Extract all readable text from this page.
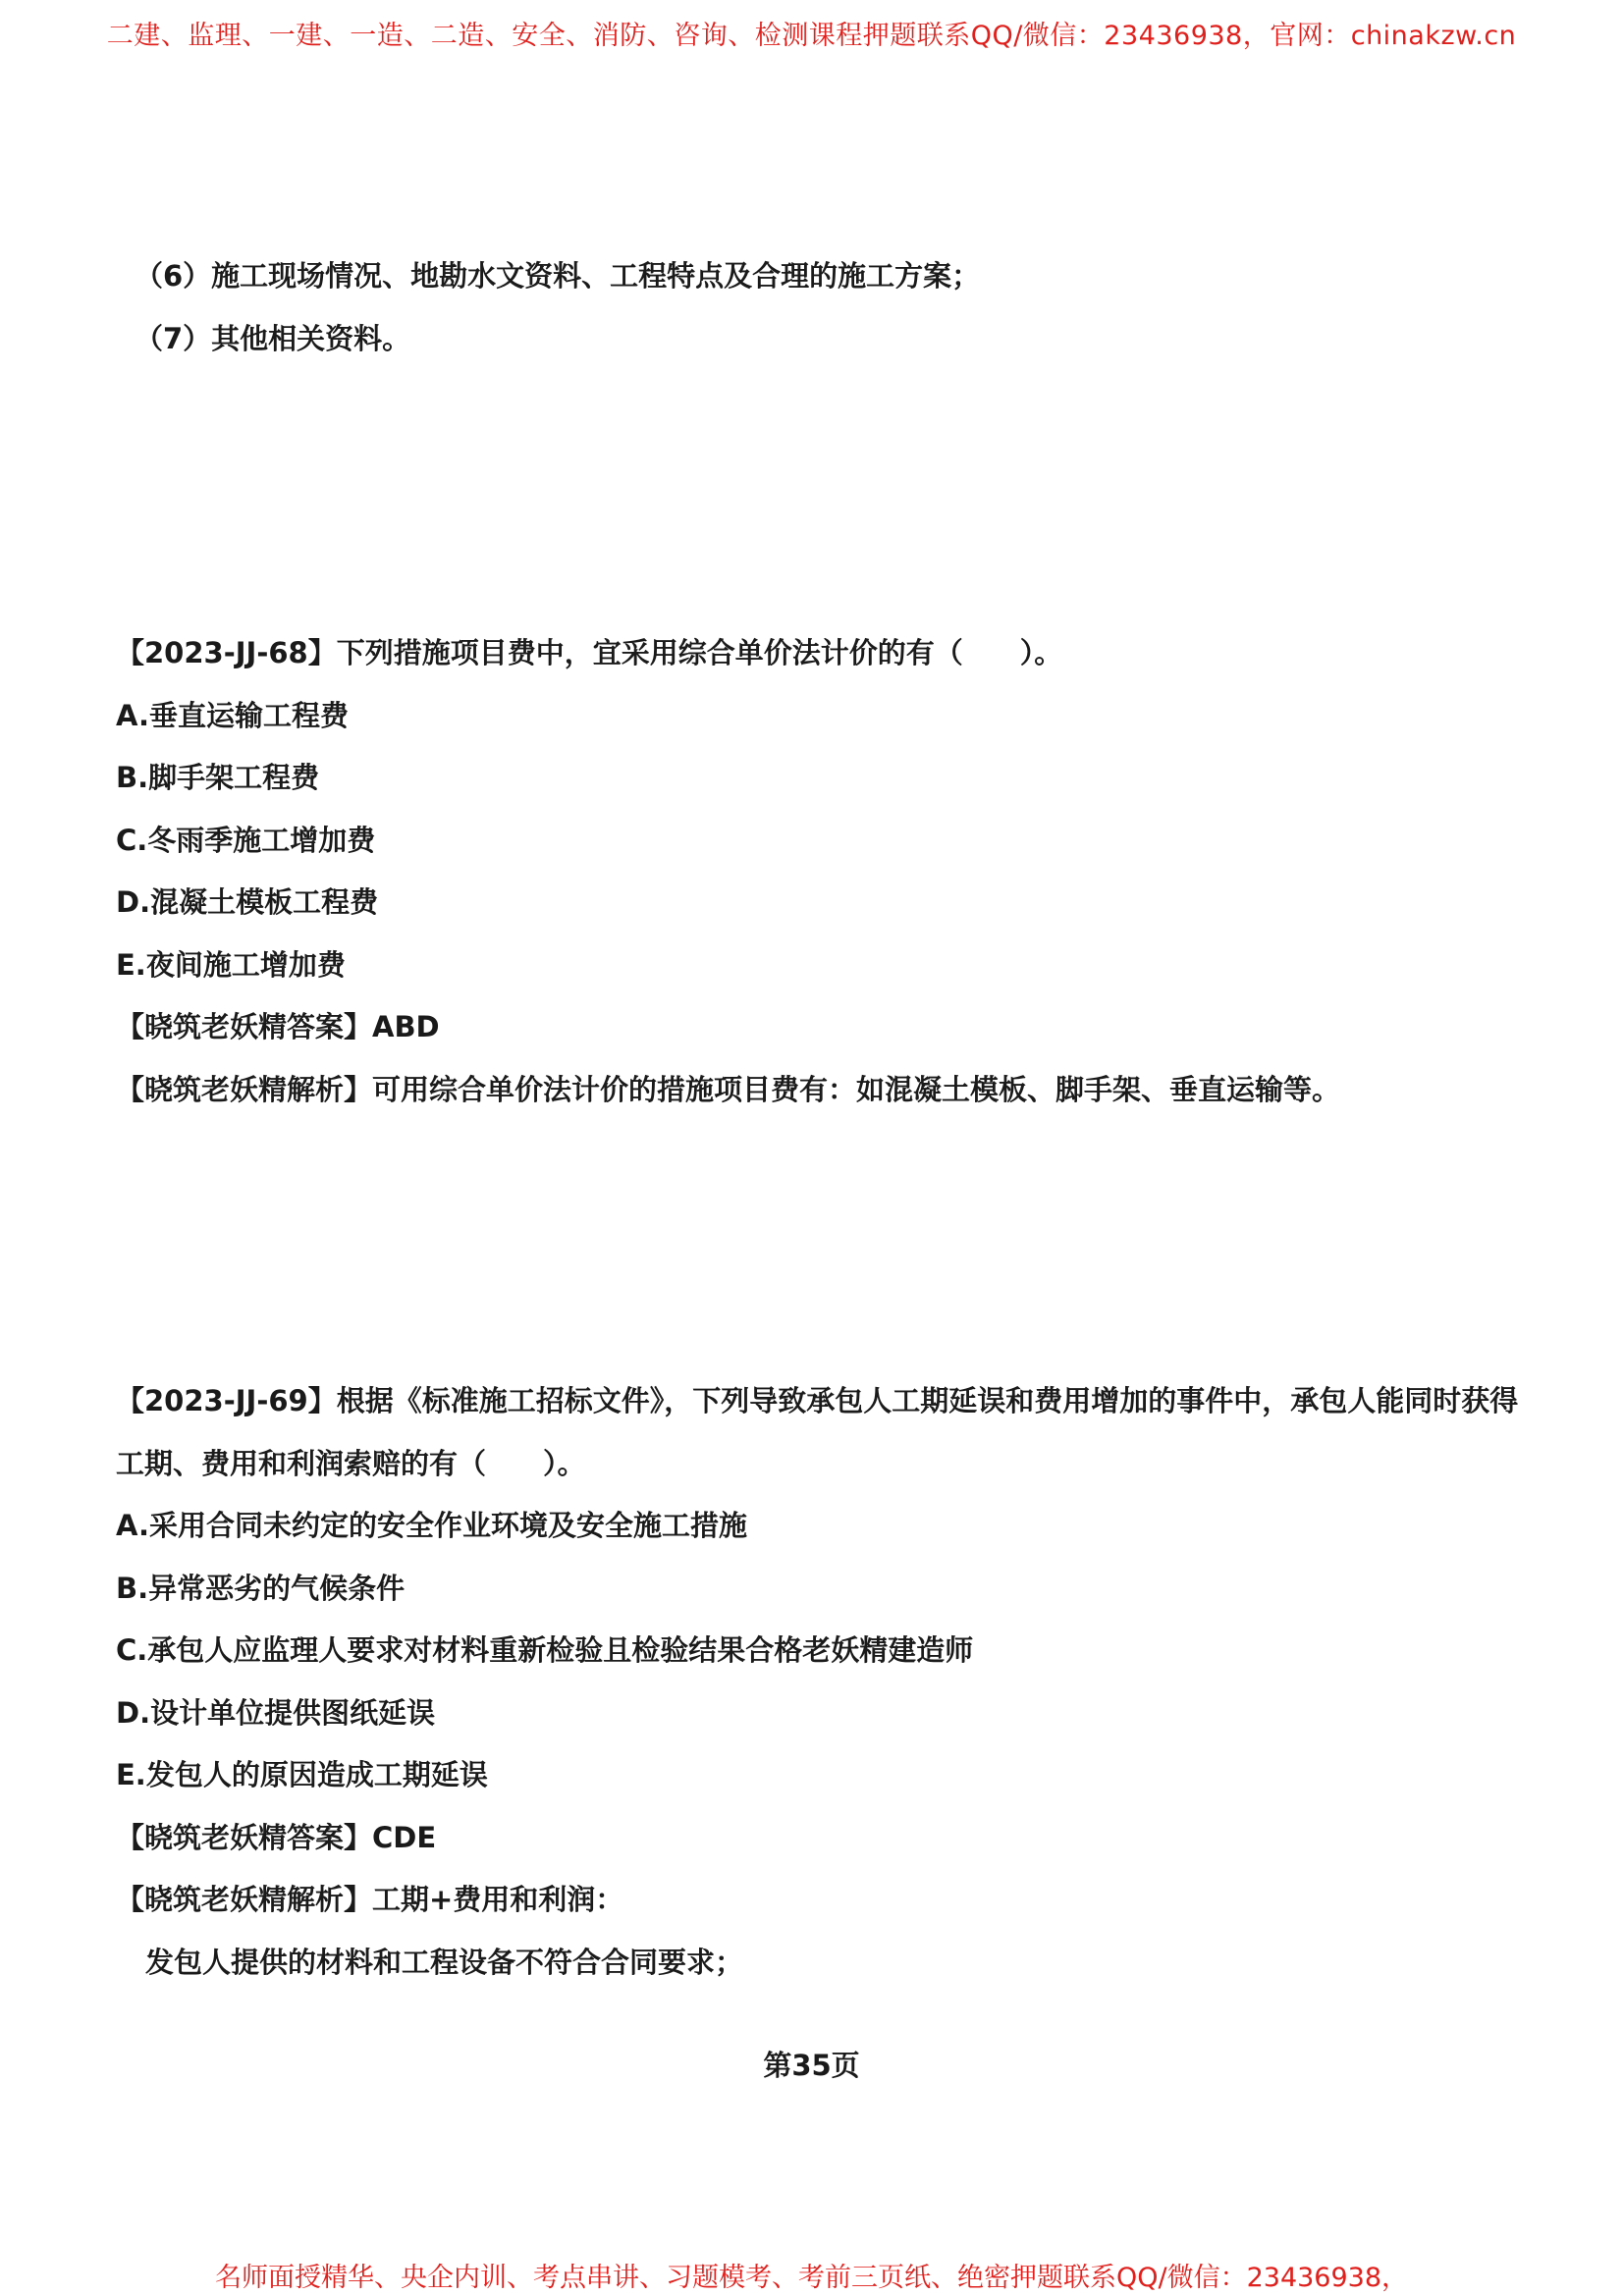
二建、监理、一建、一造、二造、安全、消防、咨询、检测课程押题联系QQ/微信：23436938，官网：chinakzw.cn
（6）施工现场情况、地勘水文资料、工程特点及合理的施工方案；
（7）其他相关资料。
【2023-JJ-68】下列措施项目费中，宜采用综合单价法计价的有（　　）。
A.垂直运输工程费
B.脚手架工程费
C.冬雨季施工增加费
D.混凝土模板工程费
E.夜间施工增加费
【晓筑老妖精答案】ABD
【晓筑老妖精解析】可用综合单价法计价的措施项目费有：如混凝土模板、脚手架、垂直运输等。
【2023-JJ-69】根据《标准施工招标文件》，下列导致承包人工期延误和费用增加的事件中，承包人能同时获得
工期、费用和利润索赔的有（　　）。
A.采用合同未约定的安全作业环境及安全施工措施
B.异常恶劣的气候条件
C.承包人应监理人要求对材料重新检验且检验结果合格老妖精建造师
D.设计单位提供图纸延误
E.发包人的原因造成工期延误
【晓筑老妖精答案】CDE
【晓筑老妖精解析】工期+费用和利润：
发包人提供的材料和工程设备不符合合同要求；
第35页
名师面授精华、央企内训、考点串讲、习题模考、考前三页纸、绝密押题联系QQ/微信：23436938，
